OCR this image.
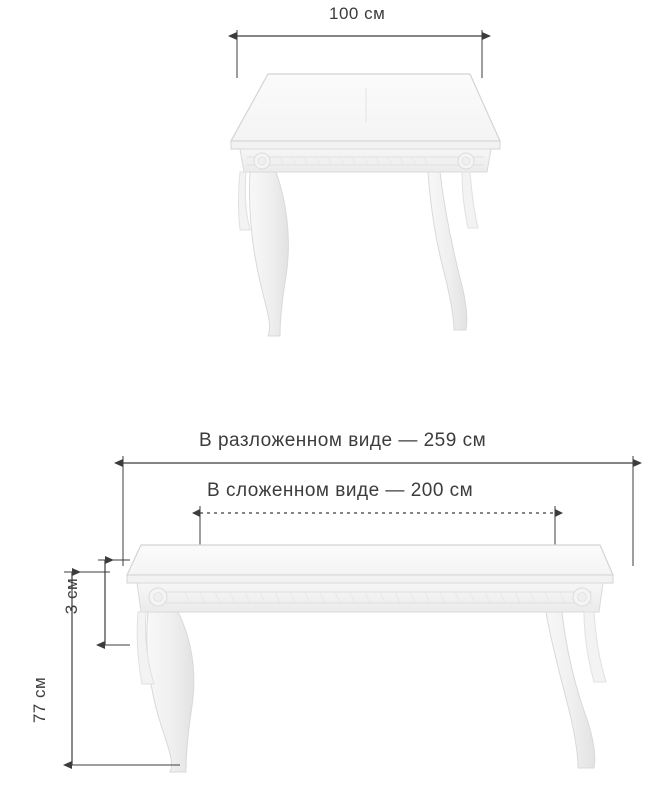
100 см
В разложенном виде — 259 см
В сложенном виде — 200 см
3 см
77 см
